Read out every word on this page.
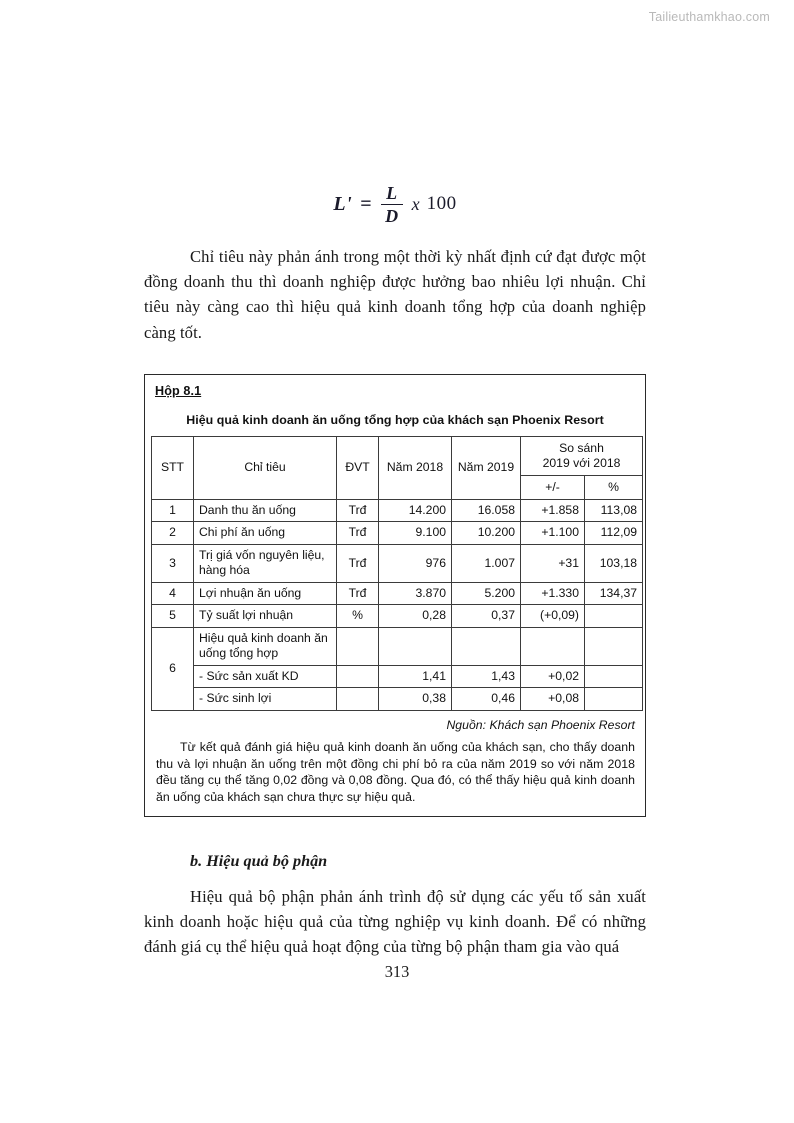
Tailieuthamkhao.com
$L' = \frac{L}{D}$ x 100

Chỉ tiêu này phản ánh trong một thời kỳ nhất định cứ đạt được một đồng doanh thu thì doanh nghiệp được hưởng bao nhiêu lợi nhuận. Chỉ tiêu này càng cao thì hiệu quả kinh doanh tổng hợp của doanh nghiệp càng tốt.

Hộp 8.1
Hiệu quả kinh doanh ăn uống tổng hợp của khách sạn Phoenix Resort
STT	Chỉ tiêu	ĐVT	Năm 2018	Năm 2019	So sánh
2019 với 2018	
					+/-	%
1	Danh thu ăn uống	Trđ	14.200	16.058	+1.858	113,08
2	Chi phí ăn uống	Trđ	9.100	10.200	+1.100	112,09
3	Trị giá vốn nguyên liệu, hàng hóa	Trđ	976	1.007	+31	103,18
4	Lợi nhuận ăn uống	Trđ	3.870	5.200	+1.330	134,37
5	Tỷ suất lợi nhuận	%	0,28	0,37	(+0,09)	
6	Hiệu quả kinh doanh ăn uống tổng hợp					
	- Sức sản xuất KD		1,41	1,43	+0,02	
	- Sức sinh lợi		0,38	0,46	+0,08	
Nguồn: Khách sạn Phoenix Resort
Từ kết quả đánh giá hiệu quả kinh doanh ăn uống của khách sạn, cho thấy doanh thu và lợi nhuận ăn uống trên một đồng chi phí bỏ ra của năm 2019 so với năm 2018 đều tăng cụ thể tăng 0,02 đồng và 0,08 đồng. Qua đó, có thể thấy hiệu quả kinh doanh ăn uống của khách sạn chưa thực sự hiệu quả.

b. Hiệu quả bộ phận

Hiệu quả bộ phận phản ánh trình độ sử dụng các yếu tố sản xuất kinh doanh hoặc hiệu quả của từng nghiệp vụ kinh doanh. Để có những đánh giá cụ thể hiệu quả hoạt động của từng bộ phận tham gia vào quá

313
